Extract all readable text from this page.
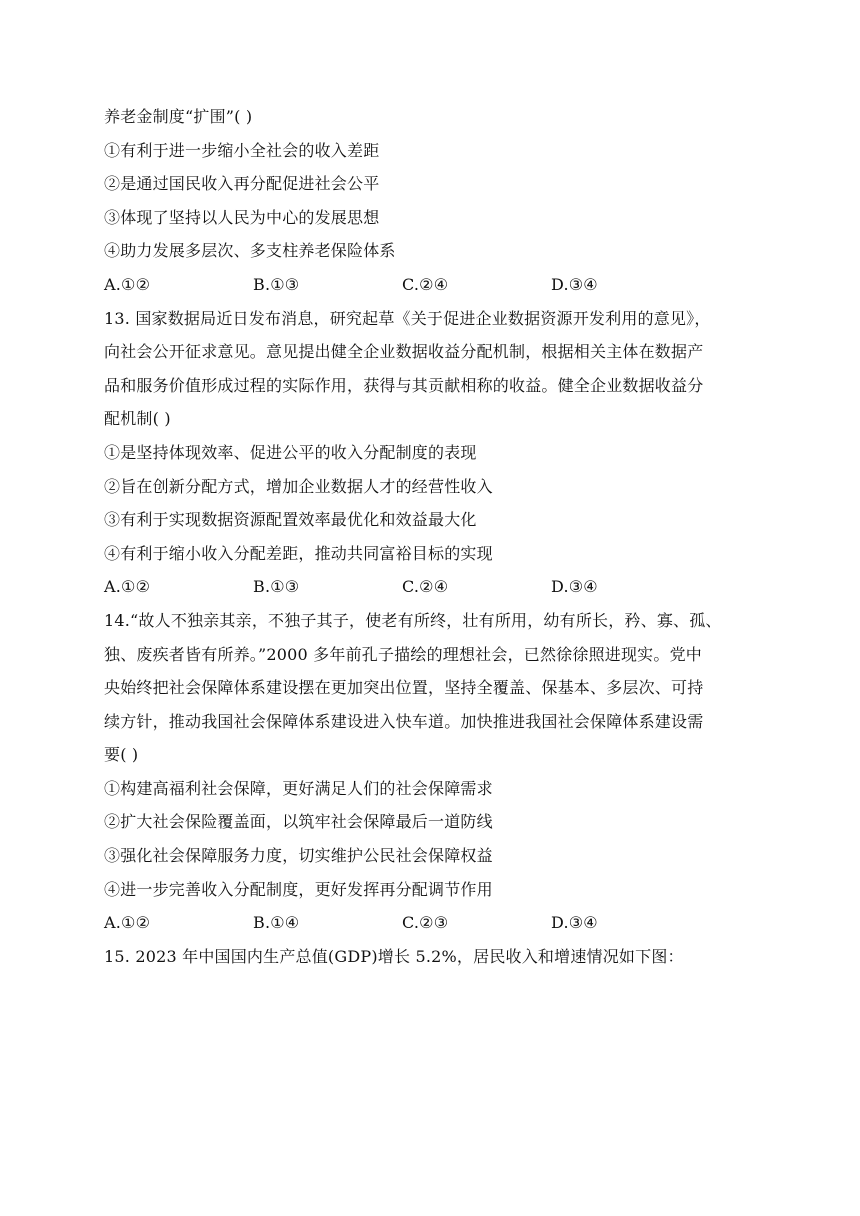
养老金制度“扩围”( )
①有利于进一步缩小全社会的收入差距
②是通过国民收入再分配促进社会公平
③体现了坚持以人民为中心的发展思想
④助力发展多层次、多支柱养老保险体系
A.①②	B.①③	C.②④	D.③④
13. 国家数据局近日发布消息，研究起草《关于促进企业数据资源开发利用的意见》，
向社会公开征求意见。意见提出健全企业数据收益分配机制，根据相关主体在数据产
品和服务价值形成过程的实际作用，获得与其贡献相称的收益。健全企业数据收益分
配机制( )
①是坚持体现效率、促进公平的收入分配制度的表现
②旨在创新分配方式，增加企业数据人才的经营性收入
③有利于实现数据资源配置效率最优化和效益最大化
④有利于缩小收入分配差距，推动共同富裕目标的实现
A.①②	B.①③	C.②④	D.③④
14.“故人不独亲其亲，不独子其子，使老有所终，壮有所用，幼有所长，矜、寡、孤、
独、废疾者皆有所养。”2000 多年前孔子描绘的理想社会，已然徐徐照进现实。党中
央始终把社会保障体系建设摆在更加突出位置，坚持全覆盖、保基本、多层次、可持
续方针，推动我国社会保障体系建设进入快车道。加快推进我国社会保障体系建设需
要( )
①构建高福利社会保障，更好满足人们的社会保障需求
②扩大社会保险覆盖面，以筑牢社会保障最后一道防线
③强化社会保障服务力度，切实维护公民社会保障权益
④进一步完善收入分配制度，更好发挥再分配调节作用
A.①②	B.①④	C.②③	D.③④
15. 2023 年中国国内生产总值(GDP)增长 5.2%，居民收入和增速情况如下图：
